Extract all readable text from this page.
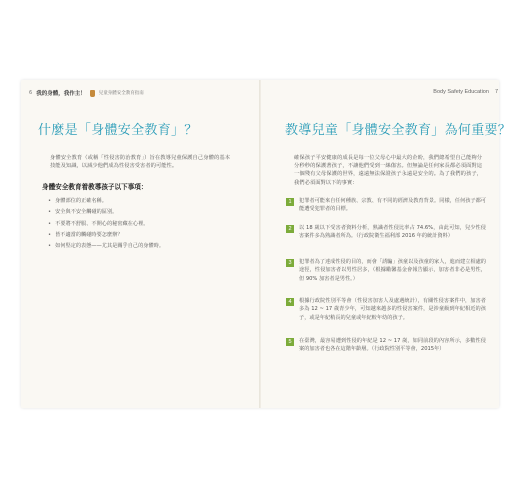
6 我的身體，我作主！	兒童身體安全教育指南	Body Safety Education 7
什麼是「身體安全教育」？
身體安全教育（或稱「性侵害防治教育」）旨在教導兒童保護自己身體的基本技能及知識，以減少他們成為性侵害受害者的可能性。
身體安全教育着教導孩子以下事項：
• 身體部位的正確名稱。
• 安全與不安全觸碰的區別。
• 不要將不舒服、不開心的秘密藏在心裡。
• 皆不適當的觸碰時要怎麼辦？
• 如何堅定的表態——尤其是關乎自己的身體時。
教導兒童「身體安全教育」為何重要？
確保孩子平安健康的成長是每一位父母心中最大的企盼，我們總希望自己能夠分分秒秒的保護著孩子，不讓他們受到一絲傷害。但無論是任何家長都必須面對這一個殘有父母保護的世界，遠遠無法保證孩子永遠是安全的。為了我們的孩子，我們必須面對以下的事實：
1	犯罪者可能來自任何種族、宗教、有不同的經濟及教育背景。同樣，任何孩子都可能遭受犯罪者的目標。
2	以 18 歲以下受害者資料分析，熟識者性侵比率占 74.6%，由此可知，兒少性侵害案件多為熟識者所為。（行政院衛生福利部 2016 年的統計資料）
3	犯罪者為了達成性侵的目的，而會「誘騙」孩童以及孩童的家人，進而建立相處的途徑，性侵加害者以男性居多，（根據勵馨基金會報告顯示，加害者非必是男性，但 90% 加害者是男性。）
4	根據行政院性別平等會（性侵害加害人及處遇統計），有關性侵害案件中，加害者多為 12 ~ 17 歲青少年，可知越來越多的性侵害案件，是涉童級到年紀相近的孩子，或是年紀稍長的兒童或年紀較年幼的孩子。
5	在臺灣，最容易遭到性侵的年紀是 12 ~ 17 歲，如同前段的內容所示，多數性侵案的加害者也各在這階年齡層。（行政院性別平等會，2015年）
